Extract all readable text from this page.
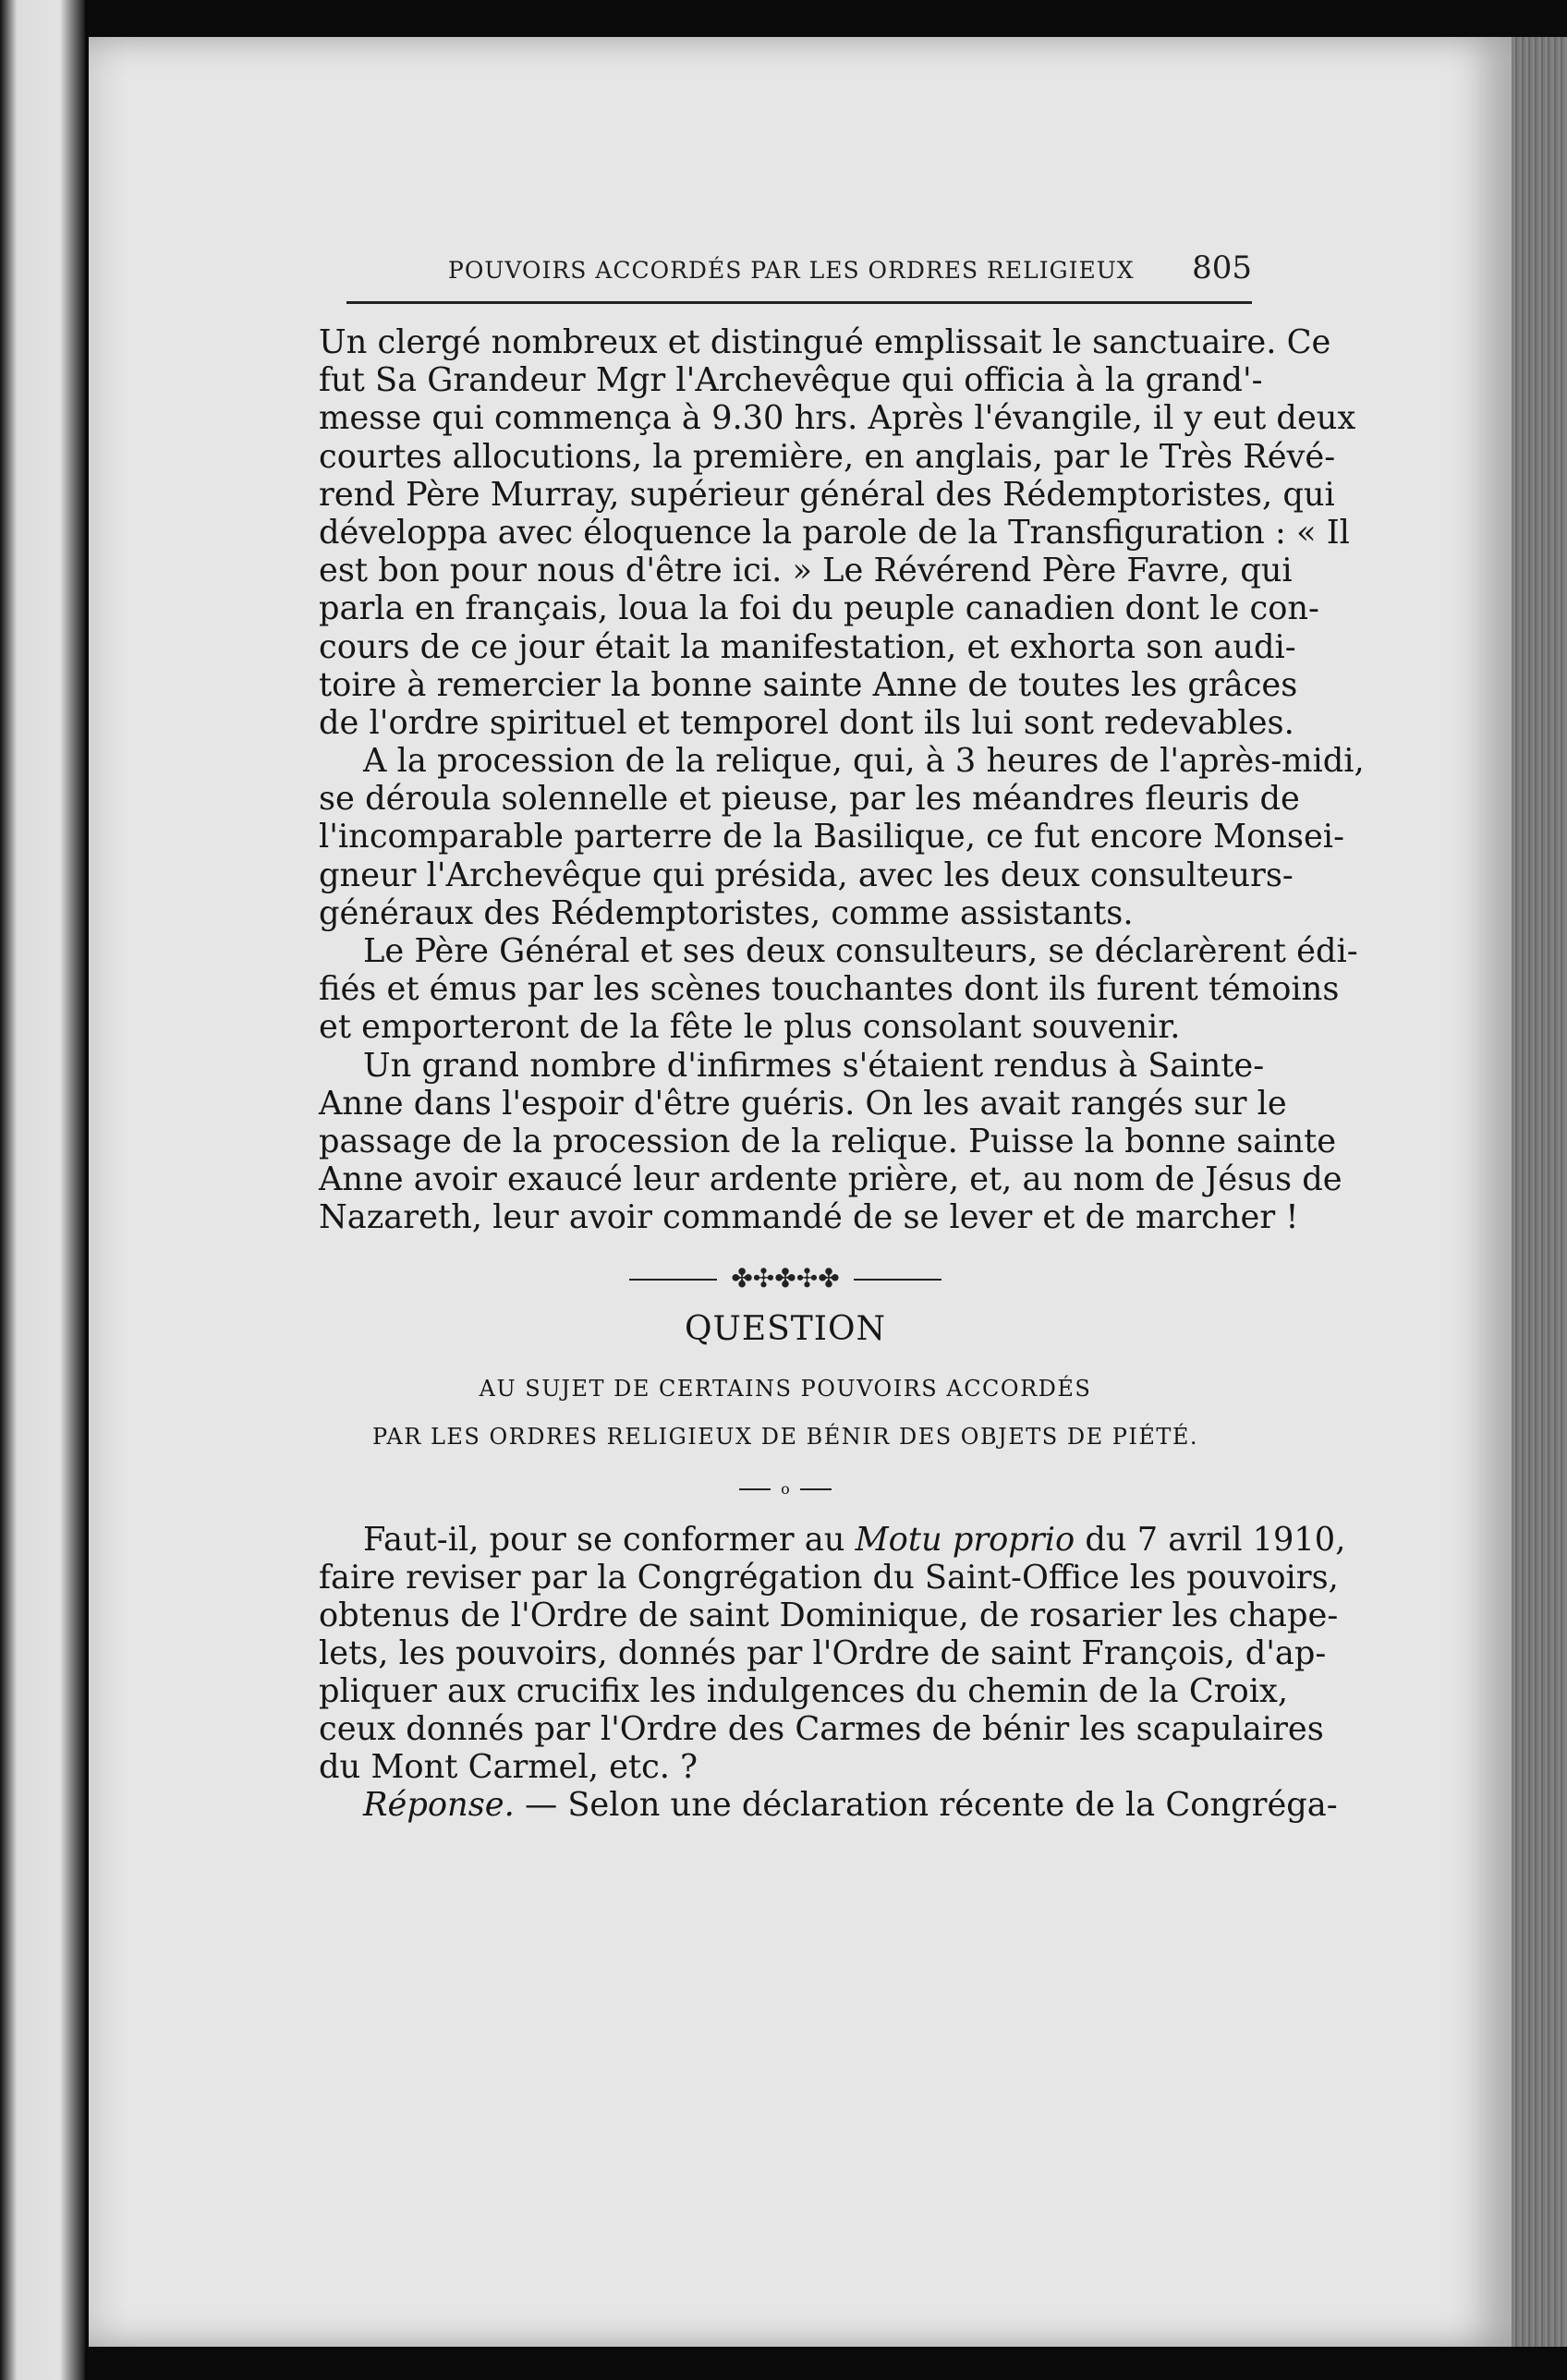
POUVOIRS ACCORDÉS PAR LES ORDRES RELIGIEUX 805
Un clergé nombreux et distingué emplissait le sanctuaire. Ce
fut Sa Grandeur Mgr l'Archevêque qui officia à la grand'-
messe qui commença à 9.30 hrs. Après l'évangile, il y eut deux
courtes allocutions, la première, en anglais, par le Très Révé-
rend Père Murray, supérieur général des Rédemptoristes, qui
développa avec éloquence la parole de la Transfiguration : « Il
est bon pour nous d'être ici. » Le Révérend Père Favre, qui
parla en français, loua la foi du peuple canadien dont le con-
cours de ce jour était la manifestation, et exhorta son audi-
toire à remercier la bonne sainte Anne de toutes les grâces
de l'ordre spirituel et temporel dont ils lui sont redevables.
A la procession de la relique, qui, à 3 heures de l'après-midi,
se déroula solennelle et pieuse, par les méandres fleuris de
l'incomparable parterre de la Basilique, ce fut encore Monsei-
gneur l'Archevêque qui présida, avec les deux consulteurs-
généraux des Rédemptoristes, comme assistants.
Le Père Général et ses deux consulteurs, se déclarèrent édi-
fiés et émus par les scènes touchantes dont ils furent témoins
et emporteront de la fête le plus consolant souvenir.
Un grand nombre d'infirmes s'étaient rendus à Sainte-
Anne dans l'espoir d'être guéris. On les avait rangés sur le
passage de la procession de la relique. Puisse la bonne sainte
Anne avoir exaucé leur ardente prière, et, au nom de Jésus de
Nazareth, leur avoir commandé de se lever et de marcher !
✤✣✤✣✤
QUESTION
AU SUJET DE CERTAINS POUVOIRS ACCORDÉS
PAR LES ORDRES RELIGIEUX DE BÉNIR DES OBJETS DE PIÉTÉ.
o
Faut-il, pour se conformer au Motu proprio du 7 avril 1910,
faire reviser par la Congrégation du Saint-Office les pouvoirs,
obtenus de l'Ordre de saint Dominique, de rosarier les chape-
lets, les pouvoirs, donnés par l'Ordre de saint François, d'ap-
pliquer aux crucifix les indulgences du chemin de la Croix,
ceux donnés par l'Ordre des Carmes de bénir les scapulaires
du Mont Carmel, etc. ?
Réponse. — Selon une déclaration récente de la Congréga-
